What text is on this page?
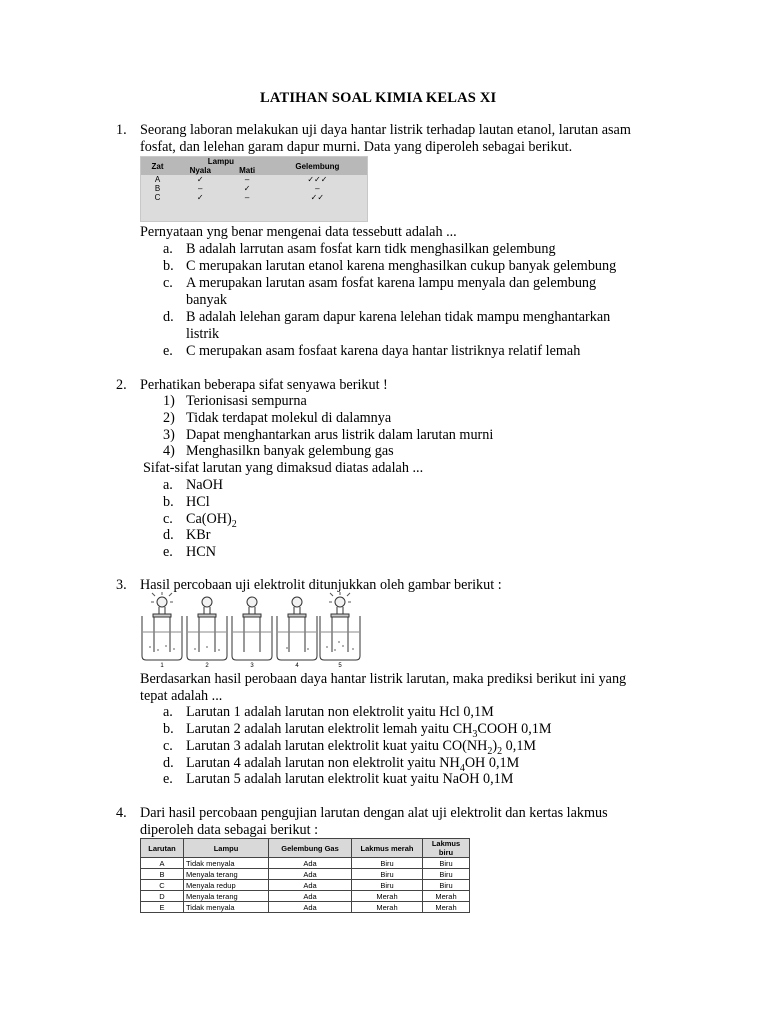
LATIHAN SOAL KIMIA KELAS XI
1. Seorang laboran melakukan uji daya hantar listrik terhadap lautan etanol, larutan asam
fosfat, dan lelehan garam dapur murni. Data yang diperoleh sebagai berikut.
Zat	Lampu		Gelembung
	Nyala	Mati	
A	✓	–	✓✓✓
B	–	✓	–
C	✓	–	✓✓
Pernyataan yng benar mengenai data tessebutt adalah ...
a. B adalah larrutan asam fosfat karn tidk menghasilkan gelembung
b. C merupakan larutan etanol karena menghasilkan cukup banyak gelembung
c. A merupakan larutan asam fosfat karena lampu menyala dan gelembung
banyak
d. B adalah lelehan garam dapur karena lelehan tidak mampu menghantarkan
listrik
e. C merupakan asam fosfaat karena daya hantar listriknya relatif lemah
2. Perhatikan beberapa sifat senyawa berikut !
1) Terionisasi sempurna
2) Tidak terdapat molekul di dalamnya
3) Dapat menghantarkan arus listrik dalam larutan murni
4) Menghasilkn banyak gelembung gas
Sifat-sifat larutan yang dimaksud diatas adalah ...
a. NaOH
b. HCl
c. $Ca(OH)_2$
d. KBr
e. HCN
3. Hasil percobaan uji elektrolit ditunjukkan oleh gambar berikut :
1	2	3	4	5
Berdasarkan hasil perobaan daya hantar listrik larutan, maka prediksi berikut ini yang
tepat adalah ...
a. Larutan 1 adalah larutan non elektrolit yaitu Hcl 0,1M
b. Larutan 2 adalah larutan elektrolit lemah yaitu $CH_3COOH$ 0,1M
c. Larutan 3 adalah larutan elektrolit kuat yaitu $CO(NH_2)_2$ 0,1M
d. Larutan 4 adalah larutan non elektrolit yaitu $NH_4OH$ 0,1M
e. Larutan 5 adalah larutan elektrolit kuat yaitu NaOH 0,1M
4. Dari hasil percobaan pengujian larutan dengan alat uji elektrolit dan kertas lakmus
diperoleh data sebagai berikut :
Larutan	Lampu	Gelembung Gas	Lakmus merah	Lakmus biru
A	Tidak menyala	Ada	Biru	Biru
B	Menyala terang	Ada	Biru	Biru
C	Menyala redup	Ada	Biru	Biru
D	Menyala terang	Ada	Merah	Merah
E	Tidak menyala	Ada	Merah	Merah
